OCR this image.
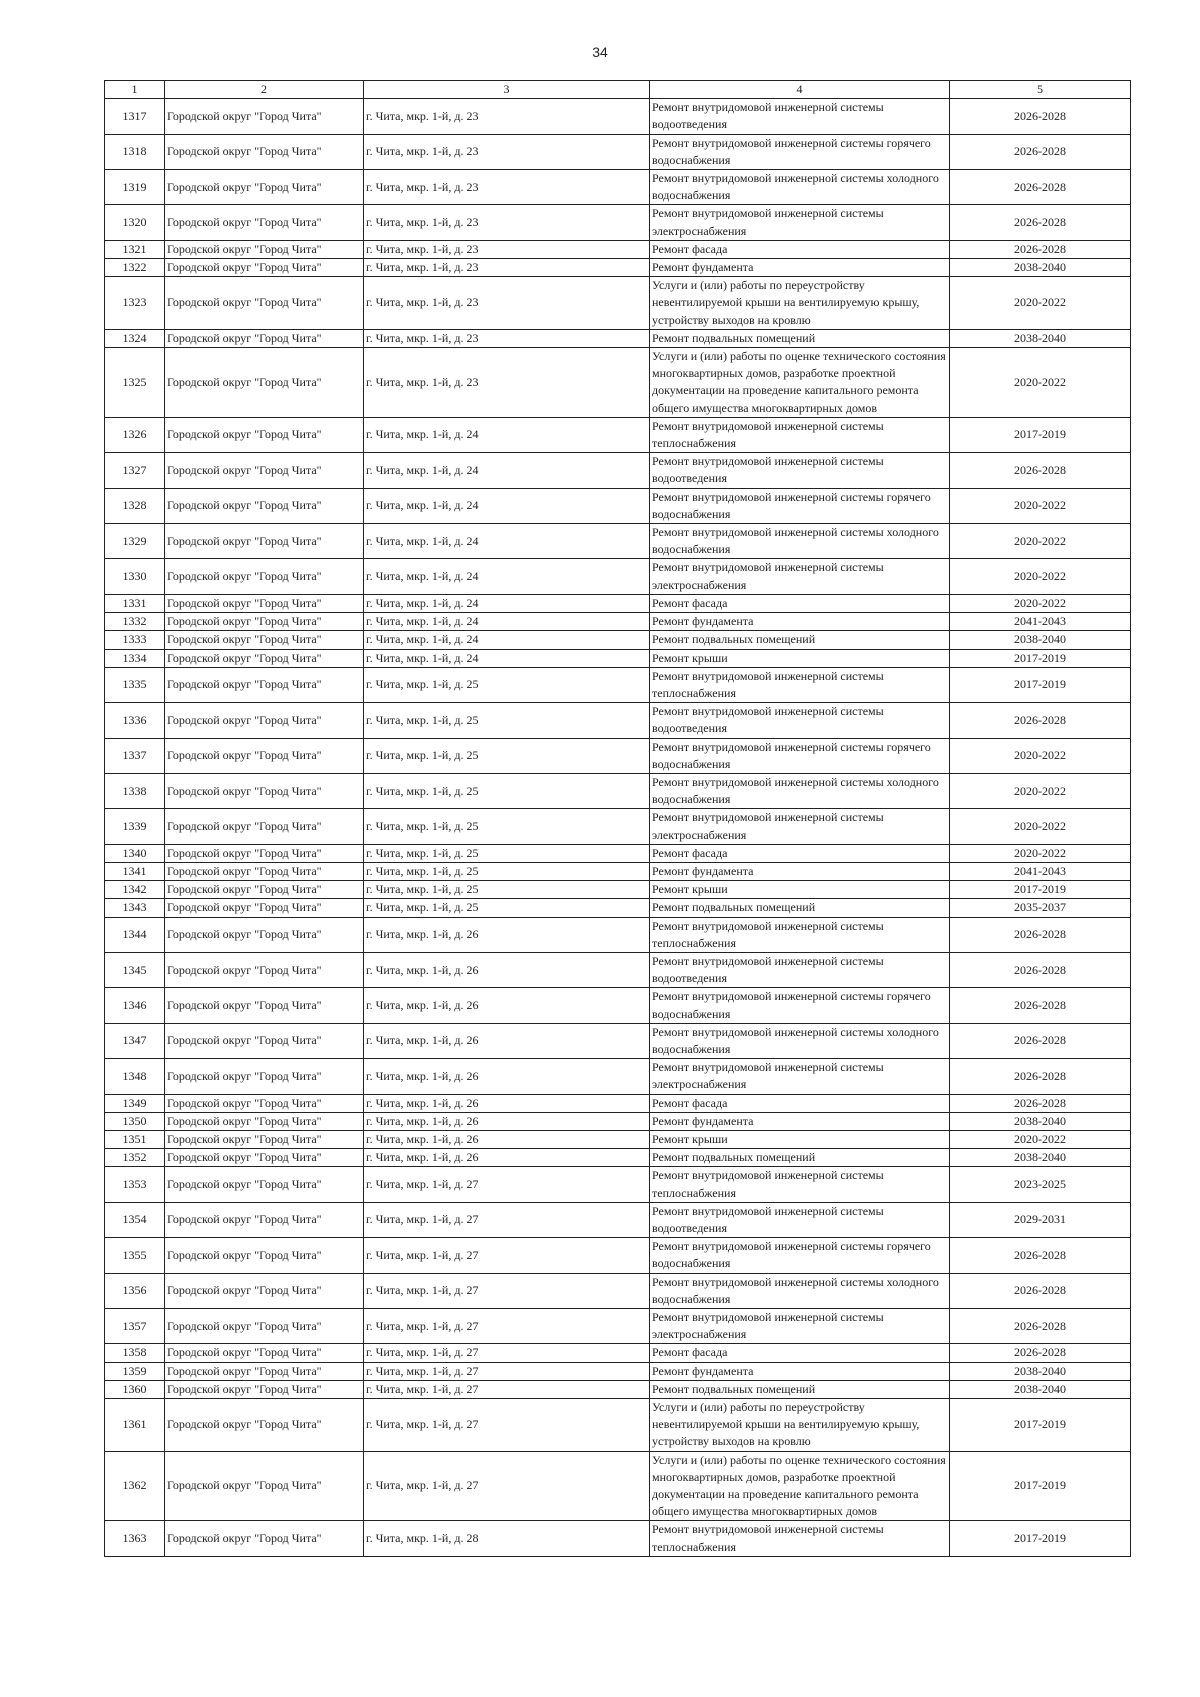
34
1	2	3	4	5
1317	Городской округ "Город Чита"	г. Чита, мкр. 1-й, д. 23	Ремонт внутридомовой инженерной системы водоотведения	2026-2028
1318	Городской округ "Город Чита"	г. Чита, мкр. 1-й, д. 23	Ремонт внутридомовой инженерной системы горячего водоснабжения	2026-2028
1319	Городской округ "Город Чита"	г. Чита, мкр. 1-й, д. 23	Ремонт внутридомовой инженерной системы холодного водоснабжения	2026-2028
1320	Городской округ "Город Чита"	г. Чита, мкр. 1-й, д. 23	Ремонт внутридомовой инженерной системы электроснабжения	2026-2028
1321	Городской округ "Город Чита"	г. Чита, мкр. 1-й, д. 23	Ремонт фасада	2026-2028
1322	Городской округ "Город Чита"	г. Чита, мкр. 1-й, д. 23	Ремонт фундамента	2038-2040
1323	Городской округ "Город Чита"	г. Чита, мкр. 1-й, д. 23	Услуги и (или) работы по переустройству невентилируемой крыши на вентилируемую крышу, устройству выходов на кровлю	2020-2022
1324	Городской округ "Город Чита"	г. Чита, мкр. 1-й, д. 23	Ремонт подвальных помещений	2038-2040
1325	Городской округ "Город Чита"	г. Чита, мкр. 1-й, д. 23	Услуги и (или) работы по оценке технического состояния многоквартирных домов, разработке проектной документации на проведение капитального ремонта общего имущества многоквартирных домов	2020-2022
1326	Городской округ "Город Чита"	г. Чита, мкр. 1-й, д. 24	Ремонт внутридомовой инженерной системы теплоснабжения	2017-2019
1327	Городской округ "Город Чита"	г. Чита, мкр. 1-й, д. 24	Ремонт внутридомовой инженерной системы водоотведения	2026-2028
1328	Городской округ "Город Чита"	г. Чита, мкр. 1-й, д. 24	Ремонт внутридомовой инженерной системы горячего водоснабжения	2020-2022
1329	Городской округ "Город Чита"	г. Чита, мкр. 1-й, д. 24	Ремонт внутридомовой инженерной системы холодного водоснабжения	2020-2022
1330	Городской округ "Город Чита"	г. Чита, мкр. 1-й, д. 24	Ремонт внутридомовой инженерной системы электроснабжения	2020-2022
1331	Городской округ "Город Чита"	г. Чита, мкр. 1-й, д. 24	Ремонт фасада	2020-2022
1332	Городской округ "Город Чита"	г. Чита, мкр. 1-й, д. 24	Ремонт фундамента	2041-2043
1333	Городской округ "Город Чита"	г. Чита, мкр. 1-й, д. 24	Ремонт подвальных помещений	2038-2040
1334	Городской округ "Город Чита"	г. Чита, мкр. 1-й, д. 24	Ремонт крыши	2017-2019
1335	Городской округ "Город Чита"	г. Чита, мкр. 1-й, д. 25	Ремонт внутридомовой инженерной системы теплоснабжения	2017-2019
1336	Городской округ "Город Чита"	г. Чита, мкр. 1-й, д. 25	Ремонт внутридомовой инженерной системы водоотведения	2026-2028
1337	Городской округ "Город Чита"	г. Чита, мкр. 1-й, д. 25	Ремонт внутридомовой инженерной системы горячего водоснабжения	2020-2022
1338	Городской округ "Город Чита"	г. Чита, мкр. 1-й, д. 25	Ремонт внутридомовой инженерной системы холодного водоснабжения	2020-2022
1339	Городской округ "Город Чита"	г. Чита, мкр. 1-й, д. 25	Ремонт внутридомовой инженерной системы электроснабжения	2020-2022
1340	Городской округ "Город Чита"	г. Чита, мкр. 1-й, д. 25	Ремонт фасада	2020-2022
1341	Городской округ "Город Чита"	г. Чита, мкр. 1-й, д. 25	Ремонт фундамента	2041-2043
1342	Городской округ "Город Чита"	г. Чита, мкр. 1-й, д. 25	Ремонт крыши	2017-2019
1343	Городской округ "Город Чита"	г. Чита, мкр. 1-й, д. 25	Ремонт подвальных помещений	2035-2037
1344	Городской округ "Город Чита"	г. Чита, мкр. 1-й, д. 26	Ремонт внутридомовой инженерной системы теплоснабжения	2026-2028
1345	Городской округ "Город Чита"	г. Чита, мкр. 1-й, д. 26	Ремонт внутридомовой инженерной системы водоотведения	2026-2028
1346	Городской округ "Город Чита"	г. Чита, мкр. 1-й, д. 26	Ремонт внутридомовой инженерной системы горячего водоснабжения	2026-2028
1347	Городской округ "Город Чита"	г. Чита, мкр. 1-й, д. 26	Ремонт внутридомовой инженерной системы холодного водоснабжения	2026-2028
1348	Городской округ "Город Чита"	г. Чита, мкр. 1-й, д. 26	Ремонт внутридомовой инженерной системы электроснабжения	2026-2028
1349	Городской округ "Город Чита"	г. Чита, мкр. 1-й, д. 26	Ремонт фасада	2026-2028
1350	Городской округ "Город Чита"	г. Чита, мкр. 1-й, д. 26	Ремонт фундамента	2038-2040
1351	Городской округ "Город Чита"	г. Чита, мкр. 1-й, д. 26	Ремонт крыши	2020-2022
1352	Городской округ "Город Чита"	г. Чита, мкр. 1-й, д. 26	Ремонт подвальных помещений	2038-2040
1353	Городской округ "Город Чита"	г. Чита, мкр. 1-й, д. 27	Ремонт внутридомовой инженерной системы теплоснабжения	2023-2025
1354	Городской округ "Город Чита"	г. Чита, мкр. 1-й, д. 27	Ремонт внутридомовой инженерной системы водоотведения	2029-2031
1355	Городской округ "Город Чита"	г. Чита, мкр. 1-й, д. 27	Ремонт внутридомовой инженерной системы горячего водоснабжения	2026-2028
1356	Городской округ "Город Чита"	г. Чита, мкр. 1-й, д. 27	Ремонт внутридомовой инженерной системы холодного водоснабжения	2026-2028
1357	Городской округ "Город Чита"	г. Чита, мкр. 1-й, д. 27	Ремонт внутридомовой инженерной системы электроснабжения	2026-2028
1358	Городской округ "Город Чита"	г. Чита, мкр. 1-й, д. 27	Ремонт фасада	2026-2028
1359	Городской округ "Город Чита"	г. Чита, мкр. 1-й, д. 27	Ремонт фундамента	2038-2040
1360	Городской округ "Город Чита"	г. Чита, мкр. 1-й, д. 27	Ремонт подвальных помещений	2038-2040
1361	Городской округ "Город Чита"	г. Чита, мкр. 1-й, д. 27	Услуги и (или) работы по переустройству невентилируемой крыши на вентилируемую крышу, устройству выходов на кровлю	2017-2019
1362	Городской округ "Город Чита"	г. Чита, мкр. 1-й, д. 27	Услуги и (или) работы по оценке технического состояния многоквартирных домов, разработке проектной документации на проведение капитального ремонта общего имущества многоквартирных домов	2017-2019
1363	Городской округ "Город Чита"	г. Чита, мкр. 1-й, д. 28	Ремонт внутридомовой инженерной системы теплоснабжения	2017-2019
